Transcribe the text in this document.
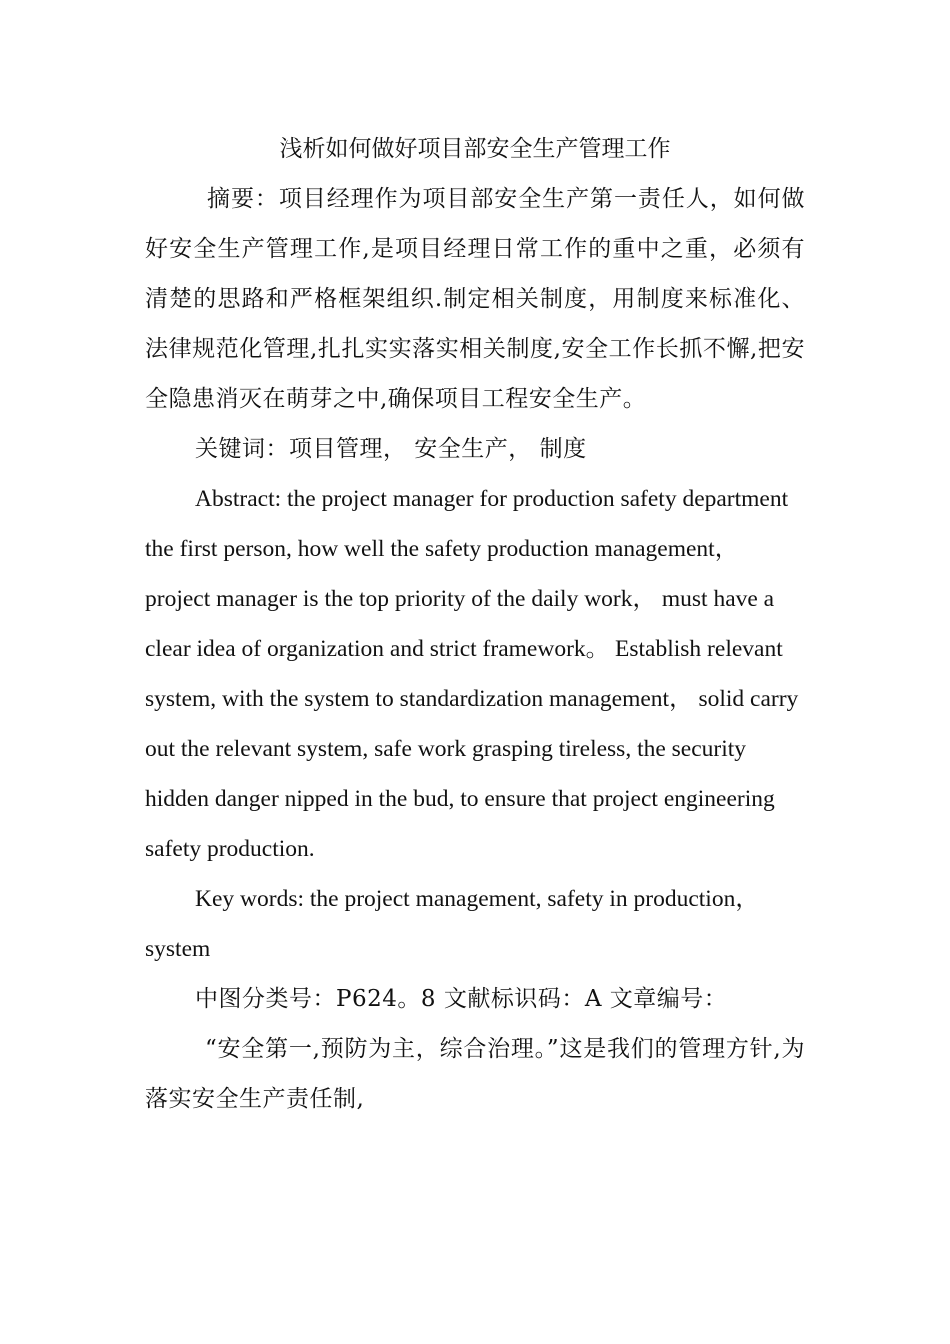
浅析如何做好项目部安全生产管理工作

摘要：项目经理作为项目部安全生产第一责任人，如何做好安全生产管理工作,是项目经理日常工作的重中之重，必须有清楚的思路和严格框架组织.制定相关制度，用制度来标准化、法律规范化管理,扎扎实实落实相关制度,安全工作长抓不懈,把安全隐患消灭在萌芽之中,确保项目工程安全生产。

关键词：项目管理， 安全生产， 制度

Abstract: the project manager for production safety department the first person, how well the safety production management， project manager is the top priority of the daily work， must have a clear idea of organization and strict framework。 Establish relevant system, with the system to standardization management， solid carry out the relevant system, safe work grasping tireless, the security hidden danger nipped in the bud, to ensure that project engineering safety production.

Key words: the project management, safety in production， system

中图分类号：P624。8 文献标识码：A 文章编号：

“安全第一,预防为主，综合治理。”这是我们的管理方针,为落实安全生产责任制,
